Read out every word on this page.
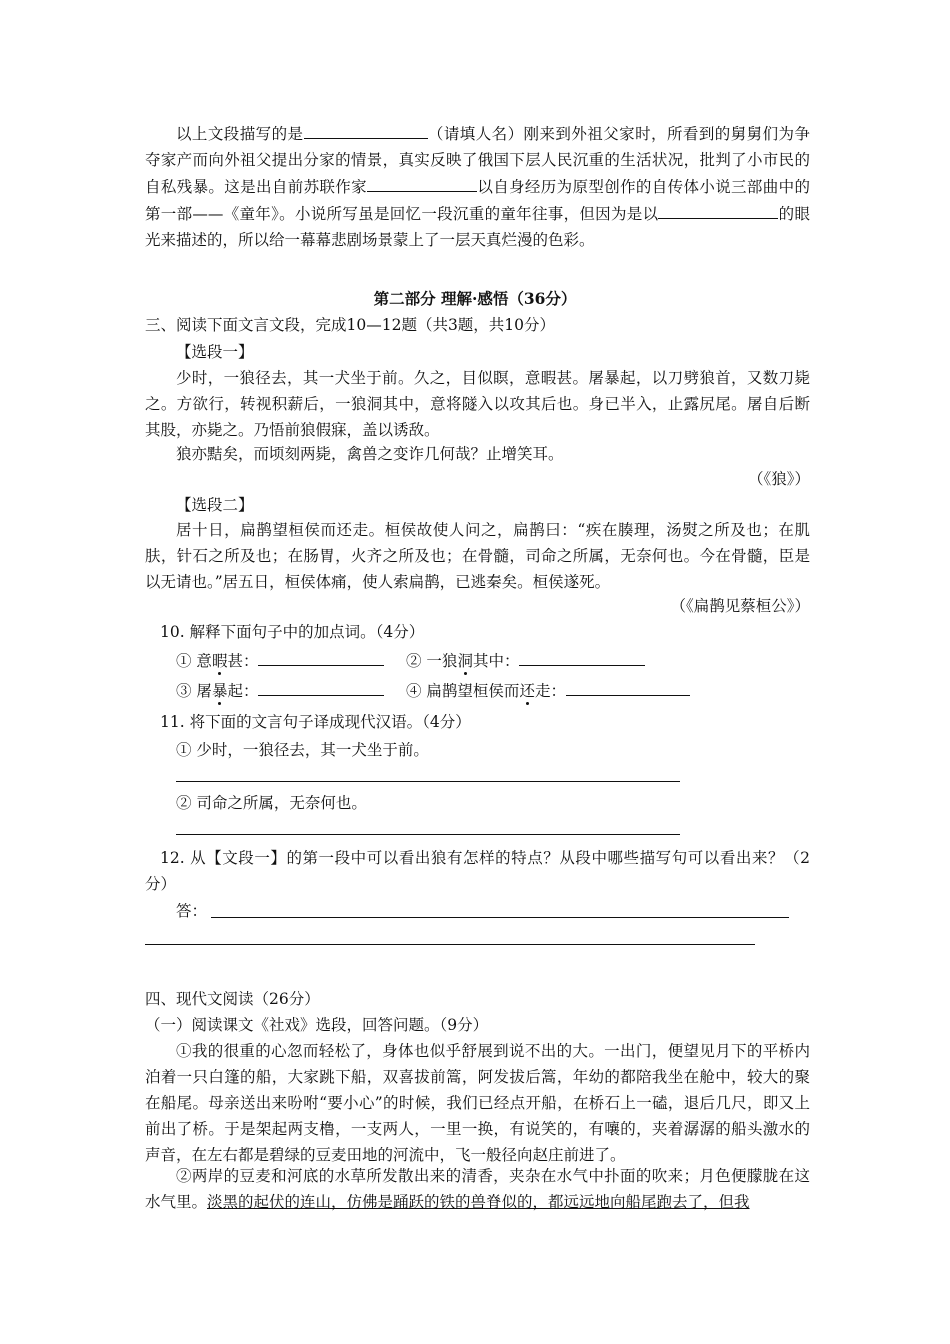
以上文段描写的是	（请填人名）刚来到外祖父家时，所看到的舅舅们为争夺家产而向外祖父提出分家的情景，真实反映了俄国下层人民沉重的生活状况，批判了小市民的自私残暴。这是出自前苏联作家	以自身经历为原型创作的自传体小说三部曲中的第一部——《童年》。小说所写虽是回忆一段沉重的童年往事，但因为是以	的眼光来描述的，所以给一幕幕悲剧场景蒙上了一层天真烂漫的色彩。

第二部分 理解·感悟（36分）
三、阅读下面文言文段，完成10—12题（共3题，共10分）
【选段一】

少时，一狼径去，其一犬坐于前。久之，目似瞑，意暇甚。屠暴起，以刀劈狼首，又数刀毙之。方欲行，转视积薪后，一狼洞其中，意将隧入以攻其后也。身已半入，止露尻尾。屠自后断其股，亦毙之。乃悟前狼假寐，盖以诱敌。

狼亦黠矣，而顷刻两毙，禽兽之变诈几何哉？止增笑耳。

（《狼》）
【选段二】

居十日，扁鹊望桓侯而还走。桓侯故使人问之，扁鹊曰：“疾在腠理，汤熨之所及也；在肌肤，针石之所及也；在肠胃，火齐之所及也；在骨髓，司命之所属，无奈何也。今在骨髓，臣是以无请也。”居五日，桓侯体痛，使人索扁鹊，已逃秦矣。桓侯遂死。

（《扁鹊见蔡桓公》）
10. 解释下面句子中的加点词。（4分）
① 意暇甚：	② 一狼洞其中：
③ 屠暴起：	④ 扁鹊望桓侯而还走：
11. 将下面的文言句子译成现代汉语。（4分）
① 少时，一狼径去，其一犬坐于前。
② 司命之所属，无奈何也。

12. 从【文段一】的第一段中可以看出狼有怎样的特点？从段中哪些描写句可以看出来？（2分）

答：
四、现代文阅读（26分）
（一）阅读课文《社戏》选段，回答问题。（9分）

①我的很重的心忽而轻松了，身体也似乎舒展到说不出的大。一出门，便望见月下的平桥内泊着一只白篷的船，大家跳下船，双喜拔前篙，阿发拔后篙，年幼的都陪我坐在舱中，较大的聚在船尾。母亲送出来吩咐“要小心”的时候，我们已经点开船，在桥石上一磕，退后几尺，即又上前出了桥。于是架起两支橹，一支两人，一里一换，有说笑的，有嚷的，夹着潺潺的船头激水的声音，在左右都是碧绿的豆麦田地的河流中，飞一般径向赵庄前进了。

②两岸的豆麦和河底的水草所发散出来的清香，夹杂在水气中扑面的吹来；月色便朦胧在这水气里。淡黑的起伏的连山，仿佛是踊跃的铁的兽脊似的，都远远地向船尾跑去了，但我
